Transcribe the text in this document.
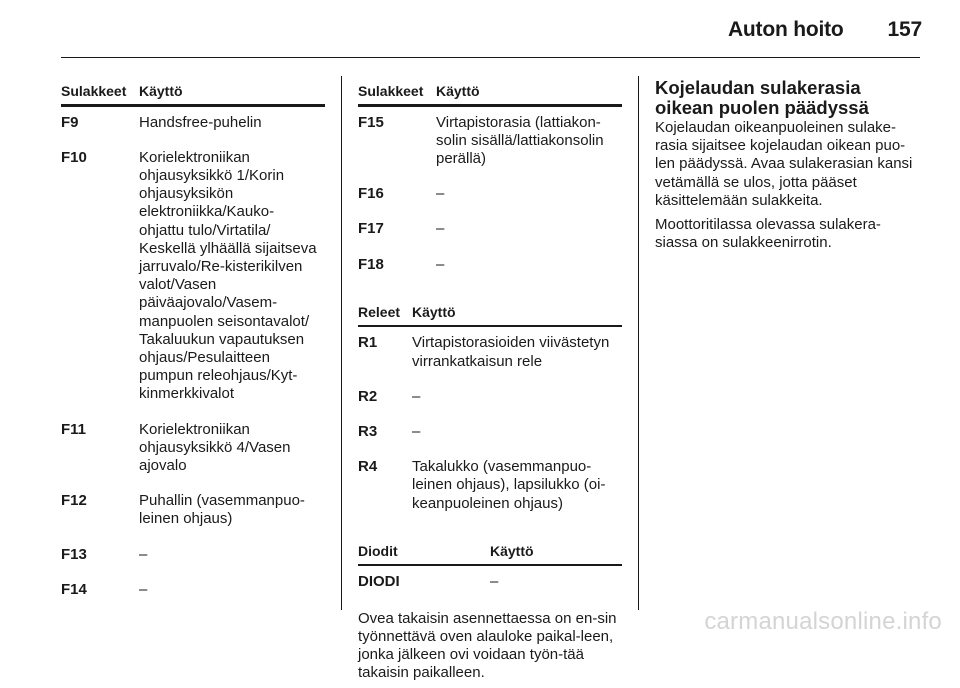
Auton hoito 157
Sulakkeet Käyttö
F9	Handsfree-puhelin
F10	Korielektroniikan ohjausyksikkö 1/Korin ohjausyksikön elektroniikka/Kauko-ohjattu tulo/Virtatila/ Keskellä ylhäällä sijaitseva jarruvalo/Re-kisterikilven valot/Vasen päiväajovalo/Vasem-manpuolen seisontavalot/ Takaluukun vapautuksen ohjaus/Pesulaitteen pumpun releohjaus/Kyt-kinmerkkivalot
F11	Korielektroniikan ohjausyksikkö 4/Vasen ajovalo
F12	Puhallin (vasemmanpuo-leinen ohjaus)
F13	–
F14	–
Sulakkeet Käyttö
F15	Virtapistorasia (lattiakon-solin sisällä/lattiakonsolin perällä)
F16	–
F17	–
F18	–
Releet Käyttö
R1	Virtapistorasioiden viivästetyn virrankatkaisun rele
R2	–
R3	–
R4	Takalukko (vasemmanpuo-leinen ohjaus), lapsilukko (oi-keanpuoleinen ohjaus)
Diodit	Käyttö
DIODI	–

Ovea takaisin asennettaessa on en-sin työnnettävä oven alauloke paikal-leen, jonka jälkeen ovi voidaan työn-tää takaisin paikalleen.

Kojelaudan sulakerasia oikean puolen päädyssä

Kojelaudan oikeanpuoleinen sulake-rasia sijaitsee kojelaudan oikean puo-len päädyssä. Avaa sulakerasian kansi vetämällä se ulos, jotta pääset käsittelemään sulakkeita.

Moottoritilassa olevassa sulakera-siassa on sulakkeenirrotin.

carmanualsonline.info
